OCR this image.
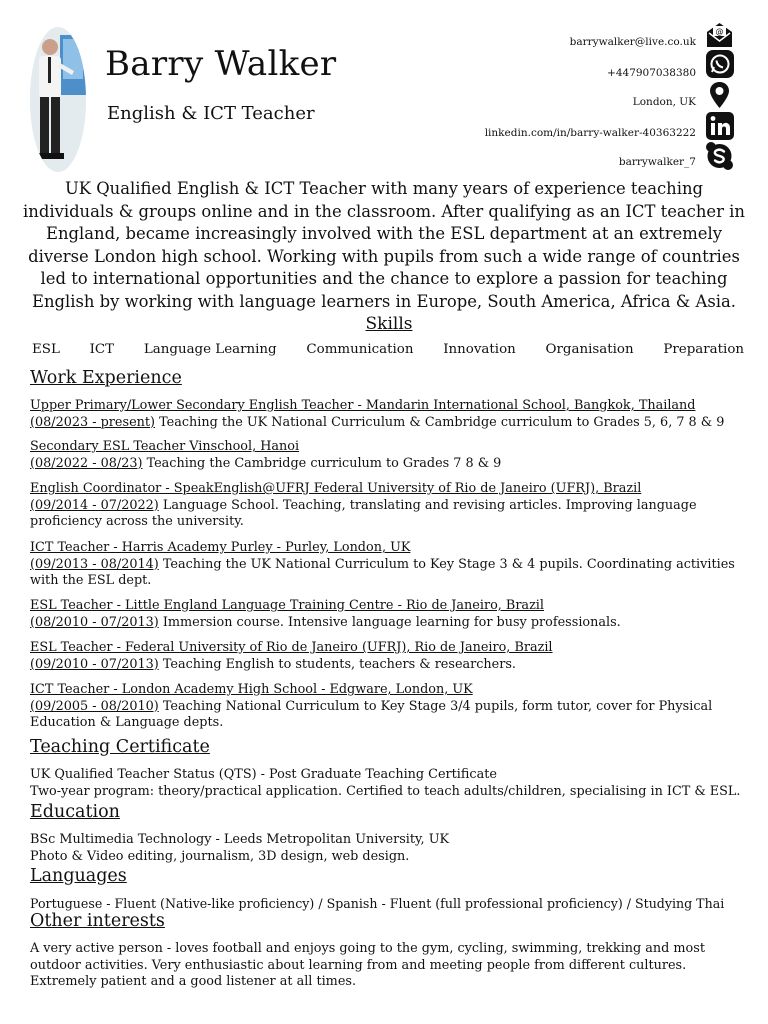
Barry Walker
English & ICT Teacher
barrywalker@live.co.uk
+447907038380
London, UK
linkedin.com/in/barry-walker-40363222
barrywalker_7
@
UK Qualified English & ICT Teacher with many years of experience teaching individuals & groups online and in the classroom. After qualifying as an ICT teacher in England, became increasingly involved with the ESL department at an extremely diverse London high school. Working with pupils from such a wide range of countries led to international opportunities and the chance to explore a passion for teaching English by working with language learners in Europe, South America, Africa & Asia.
Skills
ESL ICT Language Learning Communication Innovation Organisation Preparation
Work Experience
Upper Primary/Lower Secondary English Teacher - Mandarin International School, Bangkok, Thailand
(08/2023 - present) Teaching the UK National Curriculum & Cambridge curriculum to Grades 5, 6, 7 8 & 9
Secondary ESL Teacher Vinschool, Hanoi
(08/2022 - 08/23) Teaching the Cambridge curriculum to Grades 7 8 & 9
English Coordinator - SpeakEnglish@UFRJ Federal University of Rio de Janeiro (UFRJ), Brazil
(09/2014 - 07/2022) Language School. Teaching, translating and revising articles. Improving language proficiency across the university.
ICT Teacher - Harris Academy Purley - Purley, London, UK
(09/2013 - 08/2014) Teaching the UK National Curriculum to Key Stage 3 & 4 pupils. Coordinating activities with the ESL dept.
ESL Teacher - Little England Language Training Centre - Rio de Janeiro, Brazil
(08/2010 - 07/2013) Immersion course. Intensive language learning for busy professionals.
ESL Teacher - Federal University of Rio de Janeiro (UFRJ), Rio de Janeiro, Brazil
(09/2010 - 07/2013) Teaching English to students, teachers & researchers.
ICT Teacher - London Academy High School - Edgware, London, UK
(09/2005 - 08/2010) Teaching National Curriculum to Key Stage 3/4 pupils, form tutor, cover for Physical Education & Language depts.
Teaching Certificate
UK Qualified Teacher Status (QTS) - Post Graduate Teaching Certificate
Two-year program: theory/practical application. Certified to teach adults/children, specialising in ICT & ESL.
Education
BSc Multimedia Technology - Leeds Metropolitan University, UK
Photo & Video editing, journalism, 3D design, web design.
Languages
Portuguese - Fluent (Native-like proficiency) / Spanish - Fluent (full professional proficiency) / Studying Thai
Other interests
A very active person - loves football and enjoys going to the gym, cycling, swimming, trekking and most outdoor activities. Very enthusiastic about learning from and meeting people from different cultures. Extremely patient and a good listener at all times.
